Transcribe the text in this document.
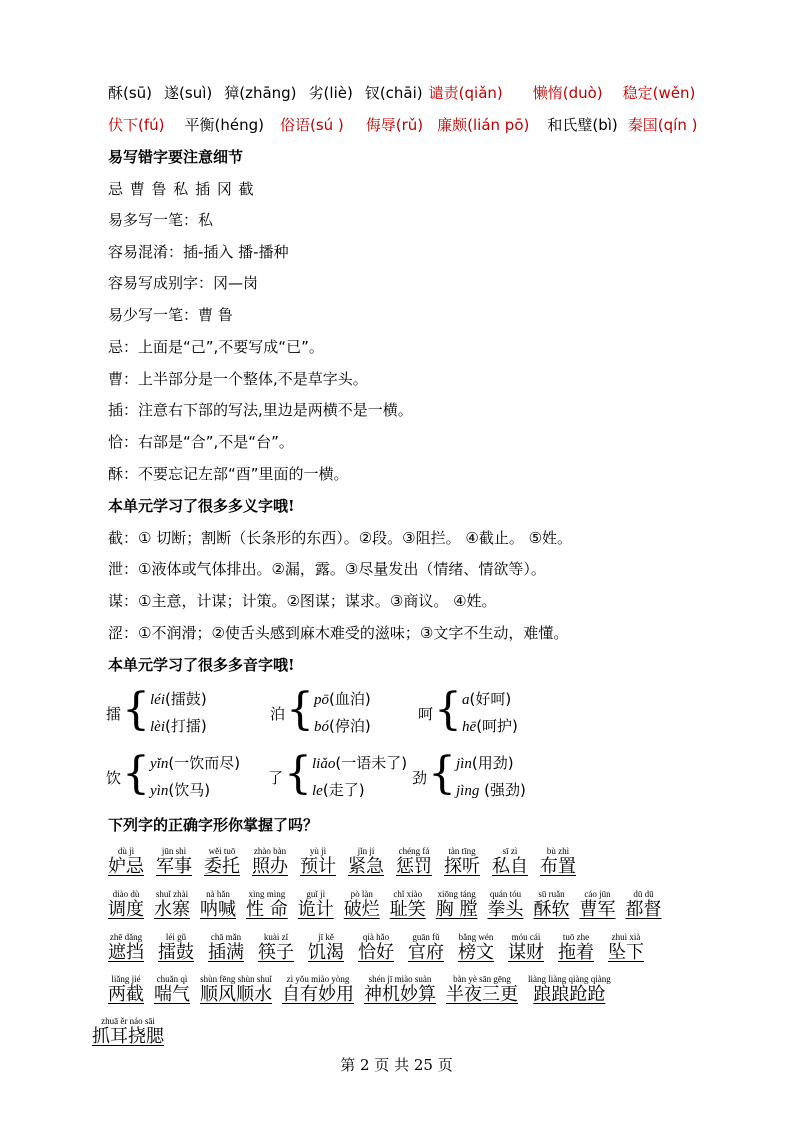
酥(sū) 遂(suì) 獐(zhāng) 劣(liè) 钗(chāi) 谴责(qiǎn) 懒惰(duò) 稳定(wěn)
伏下(fú) 平衡(héng) 俗语(sú ) 侮辱(rǔ) 廉颇(lián pō) 和氏璧(bì) 秦国(qín )
易写错字要注意细节
忌 曹 鲁 私 插 冈 截
易多写一笔：私
容易混淆：插-插入 播-播种
容易写成别字：冈—岗
易少写一笔：曹 鲁
忌：上面是“己”,不要写成“已”。
曹：上半部分是一个整体,不是草字头。
插：注意右下部的写法,里边是两横不是一横。
恰：右部是“合”,不是“台”。
酥：不要忘记左部“酉”里面的一横。
本单元学习了很多多义字哦!
截：① 切断；割断（长条形的东西）。②段。③阻拦。 ④截止。 ⑤姓。
泄：①液体或气体排出。②漏，露。③尽量发出（情绪、情欲等）。
谋：①主意，计谋；计策。②图谋；谋求。③商议。 ④姓。
涩：①不润滑；②使舌头感到麻木难受的滋味；③文字不生动，难懂。
本单元学习了很多多音字哦!
擂 { léi(擂鼓)
lèi(打擂)
泊 { pō(血泊)
bó(停泊)
呵 { a(好呵)
hē(呵护)
饮 { yǐn(一饮而尽)
yìn(饮马)
了 { liǎo(一语未了)
le(走了)
劲 { jìn(用劲)
jìng (强劲)
下列字的正确字形你掌握了吗？
dù jì
妒忌
jūn shì
军事
wěi tuō
委托
zhào bàn
照办
yù jì
预计
jǐn jí
紧急
chéng fá
惩罚
tàn tīng
探听
sī zì
私自
bù zhì
布置
diào dù
调度
shuǐ zhài
水寨
nà hǎn
呐喊
xìng mìng
性 命
guǐ jì
诡计
pò làn
破烂
chǐ xiào
耻笑
xiōng táng
胸 膛
quán tóu
拳头
sū ruǎn
酥软
cáo jūn
曹军
dū dū
都督
zhē dǎng
遮挡
léi gǔ
擂鼓
chā mǎn
插满
kuài zǐ
筷子
jī kě
饥渴
qià hǎo
恰好
guān fǔ
官府
bǎng wén
榜文
móu cái
谋财
tuō zhe
拖着
zhuì xià
坠下
liǎng jié
两截
chuǎn qì
喘气
shùn fēng shùn shuǐ
顺风顺水
zì yǒu miào yòng
自有妙用
shén jī miào suàn
神机妙算
bàn yè sān gēng
半夜三更
liàng liàng qiàng qiàng
踉踉跄跄
zhuā ěr náo sāi
抓耳挠腮
第 2 页 共 25 页
